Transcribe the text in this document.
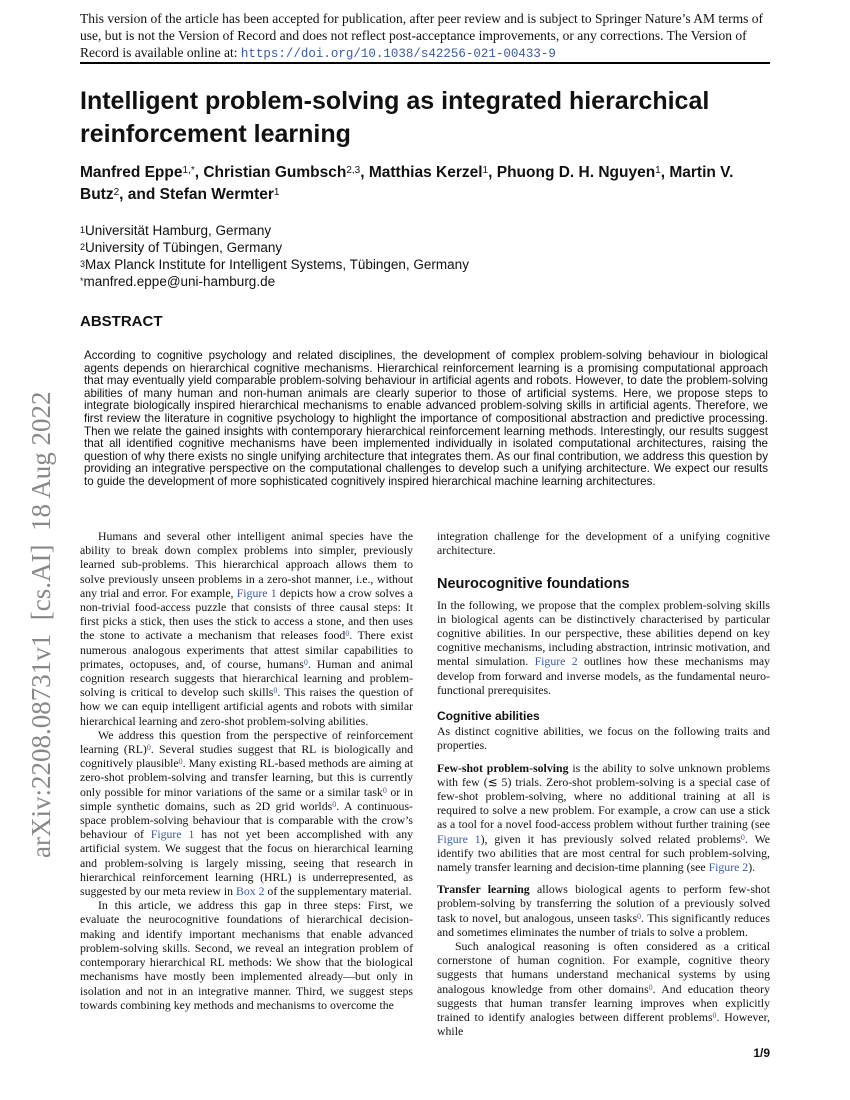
This version of the article has been accepted for publication, after peer review and is subject to Springer Nature’s AM terms of use, but is not the Version of Record and does not reflect post-acceptance improvements, or any corrections. The Version of Record is available online at: https://doi.org/10.1038/s42256-021-00433-9
arXiv:2208.08731v1  [cs.AI]  18 Aug 2022
Intelligent problem-solving as integrated hierarchical reinforcement learning
Manfred Eppe$^{1,*}$, Christian Gumbsch$^{2,3}$, Matthias Kerzel$^1$, Phuong D. H. Nguyen$^1$, Martin V. Butz$^2$, and Stefan Wermter$^1$
$^1$Universität Hamburg, Germany
$^2$University of Tübingen, Germany
$^3$Max Planck Institute for Intelligent Systems, Tübingen, Germany
*manfred.eppe@uni-hamburg.de
ABSTRACT

According to cognitive psychology and related disciplines, the development of complex problem-solving behaviour in biological agents depends on hierarchical cognitive mechanisms. Hierarchical reinforcement learning is a promising computational approach that may eventually yield comparable problem-solving behaviour in artificial agents and robots. However, to date the problem-solving abilities of many human and non-human animals are clearly superior to those of artificial systems. Here, we propose steps to integrate biologically inspired hierarchical mechanisms to enable advanced problem-solving skills in artificial agents. Therefore, we first review the literature in cognitive psychology to highlight the importance of compositional abstraction and predictive processing. Then we relate the gained insights with contemporary hierarchical reinforcement learning methods. Interestingly, our results suggest that all identified cognitive mechanisms have been implemented individually in isolated computational architectures, raising the question of why there exists no single unifying architecture that integrates them. As our final contribution, we address this question by providing an integrative perspective on the computational challenges to develop such a unifying architecture. We expect our results to guide the development of more sophisticated cognitively inspired hierarchical machine learning architectures.

Humans and several other intelligent animal species have the ability to break down complex problems into simpler, previously learned sub-problems. This hierarchical approach allows them to solve previously unseen problems in a zero-shot manner, i.e., without any trial and error. For example, Figure 1 depicts how a crow solves a non-trivial food-access puzzle that consists of three causal steps: It first picks a stick, then uses the stick to access a stone, and then uses the stone to activate a mechanism that releases food$^0$. There exist numerous analogous experiments that attest similar capabilities to primates, octopuses, and, of course, humans$^0$. Human and animal cognition research suggests that hierarchical learning and problem-solving is critical to develop such skills$^0$. This raises the question of how we can equip intelligent artificial agents and robots with similar hierarchical learning and zero-shot problem-solving abilities.

We address this question from the perspective of reinforcement learning (RL)$^0$. Several studies suggest that RL is biologically and cognitively plausible$^0$. Many existing RL-based methods are aiming at zero-shot problem-solving and transfer learning, but this is currently only possible for minor variations of the same or a similar task$^0$ or in simple synthetic domains, such as 2D grid worlds$^0$. A continuous-space problem-solving behaviour that is comparable with the crow’s behaviour of Figure 1 has not yet been accomplished with any artificial system. We suggest that the focus on hierarchical learning and problem-solving is largely missing, seeing that research in hierarchical reinforcement learning (HRL) is underrepresented, as suggested by our meta review in Box 2 of the supplementary material.

In this article, we address this gap in three steps: First, we evaluate the neurocognitive foundations of hierarchical decision-making and identify important mechanisms that enable advanced problem-solving skills. Second, we reveal an integration problem of contemporary hierarchical RL methods: We show that the biological mechanisms have mostly been implemented already—but only in isolation and not in an integrative manner. Third, we suggest steps towards combining key methods and mechanisms to overcome the

integration challenge for the development of a unifying cognitive architecture.

Neurocognitive foundations

In the following, we propose that the complex problem-solving skills in biological agents can be distinctively characterised by particular cognitive abilities. In our perspective, these abilities depend on key cognitive mechanisms, including abstraction, intrinsic motivation, and mental simulation. Figure 2 outlines how these mechanisms may develop from forward and inverse models, as the fundamental neuro-functional prerequisites.

Cognitive abilities

As distinct cognitive abilities, we focus on the following traits and properties.

Few-shot problem-solving is the ability to solve unknown problems with few (≲ 5) trials. Zero-shot problem-solving is a special case of few-shot problem-solving, where no additional training at all is required to solve a new problem. For example, a crow can use a stick as a tool for a novel food-access problem without further training (see Figure 1), given it has previously solved related problems$^0$. We identify two abilities that are most central for such problem-solving, namely transfer learning and decision-time planning (see Figure 2).

Transfer learning allows biological agents to perform few-shot problem-solving by transferring the solution of a previously solved task to novel, but analogous, unseen tasks$^0$. This significantly reduces and sometimes eliminates the number of trials to solve a problem.

Such analogical reasoning is often considered as a critical cornerstone of human cognition. For example, cognitive theory suggests that humans understand mechanical systems by using analogous knowledge from other domains$^0$. And education theory suggests that human transfer learning improves when explicitly trained to identify analogies between different problems$^0$. However, while

1/9
